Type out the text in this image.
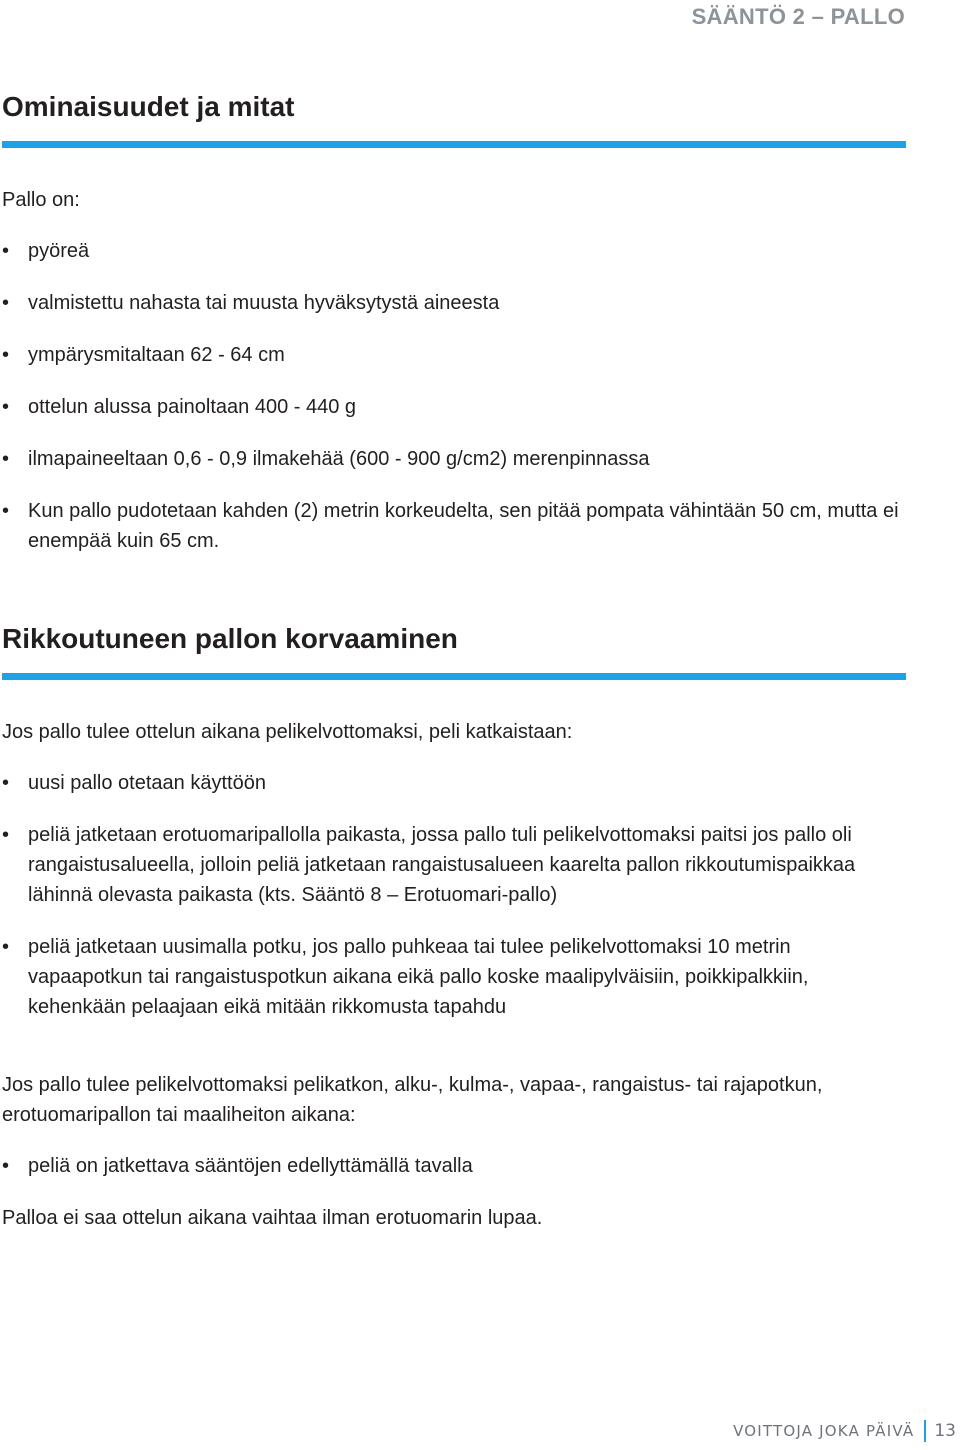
SÄÄNTÖ 2 – PALLO
Ominaisuudet ja mitat

Pallo on:

• pyöreä
• valmistettu nahasta tai muusta hyväksytystä aineesta
• ympärysmitaltaan 62 - 64 cm
• ottelun alussa painoltaan 400 - 440 g
• ilmapaineeltaan 0,6 - 0,9 ilmakehää (600 - 900 g/cm2) merenpinnassa
• Kun pallo pudotetaan kahden (2) metrin korkeudelta, sen pitää pompata vähintään 50 cm, mutta ei enempää kuin 65 cm.
Rikkoutuneen pallon korvaaminen

Jos pallo tulee ottelun aikana pelikelvottomaksi, peli katkaistaan:

• uusi pallo otetaan käyttöön
• peliä jatketaan erotuomaripallolla paikasta, jossa pallo tuli pelikelvottomaksi paitsi jos pallo oli rangaistusalueella, jolloin peliä jatketaan rangaistusalueen kaarelta pallon rikkoutumispaikkaa lähinnä olevasta paikasta (kts. Sääntö 8 – Erotuomari-pallo)
• peliä jatketaan uusimalla potku, jos pallo puhkeaa tai tulee pelikelvottomaksi 10 metrin vapaapotkun tai rangaistuspotkun aikana eikä pallo koske maalipylväisiin, poikkipalkkiin, kehenkään pelaajaan eikä mitään rikkomusta tapahdu

Jos pallo tulee pelikelvottomaksi pelikatkon, alku-, kulma-, vapaa-, rangaistus- tai rajapotkun, erotuomaripallon tai maaliheiton aikana:

• peliä on jatkettava sääntöjen edellyttämällä tavalla

Palloa ei saa ottelun aikana vaihtaa ilman erotuomarin lupaa.

VOITTOJA JOKA PÄIVÄ 13
